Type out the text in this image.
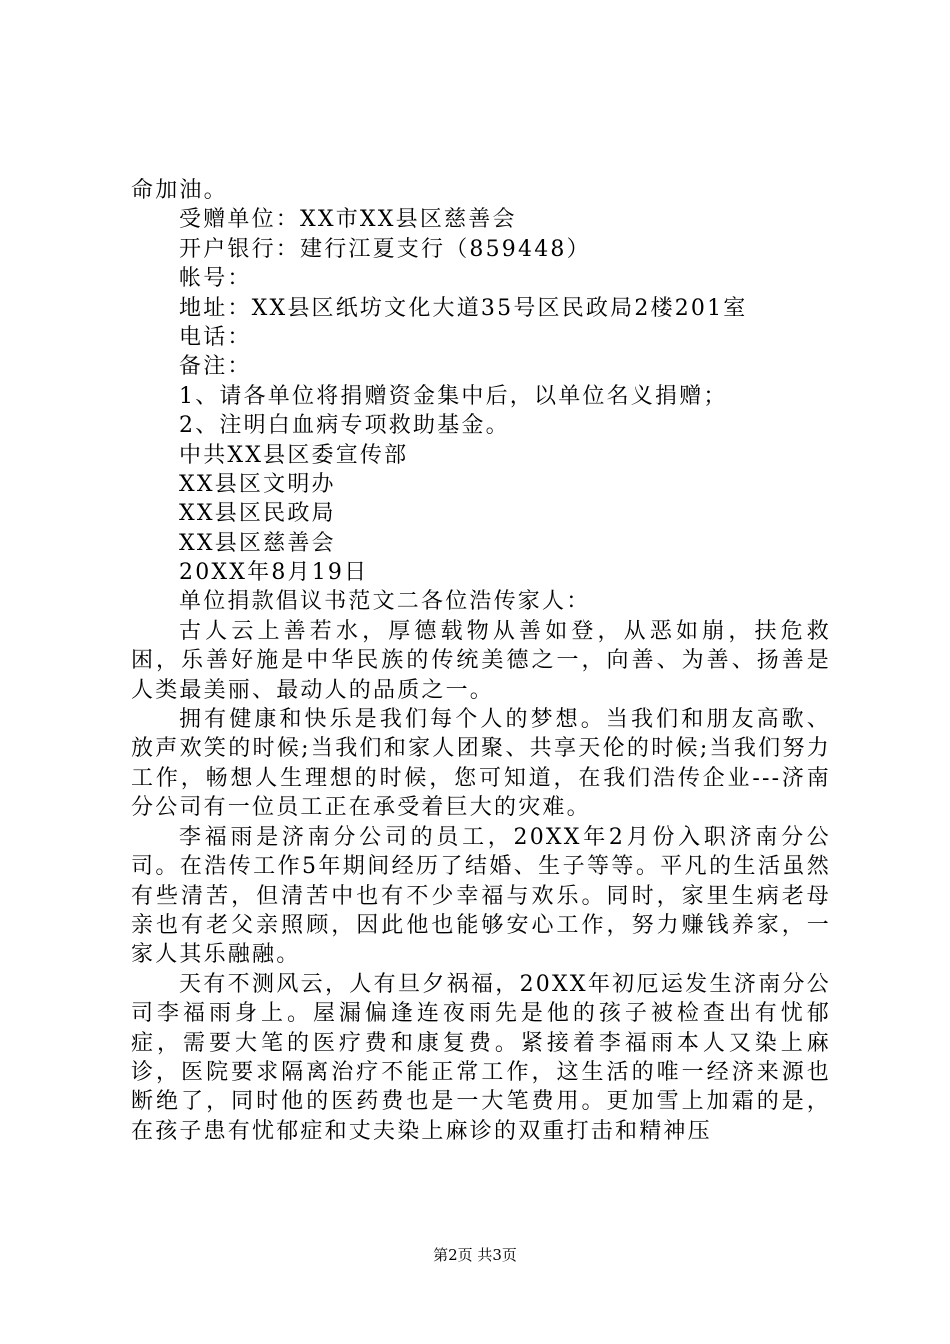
命加油。
受赠单位：XX市XX县区慈善会
开户银行：建行江夏支行（859448）
帐号：
地址：XX县区纸坊文化大道35号区民政局2楼201室
电话：
备注：
1、请各单位将捐赠资金集中后，以单位名义捐赠；
2、注明白血病专项救助基金。
中共XX县区委宣传部
XX县区文明办
XX县区民政局
XX县区慈善会
20XX年8月19日
单位捐款倡议书范文二各位浩传家人：
古人云上善若水，厚德载物从善如登，从恶如崩，扶危救困，乐善好施是中华民族的传统美德之一，向善、为善、扬善是人类最美丽、最动人的品质之一。
拥有健康和快乐是我们每个人的梦想。当我们和朋友高歌、放声欢笑的时候;当我们和家人团聚、共享天伦的时候;当我们努力工作，畅想人生理想的时候，您可知道，在我们浩传企业---济南分公司有一位员工正在承受着巨大的灾难。
李福雨是济南分公司的员工，20XX年2月份入职济南分公司。在浩传工作5年期间经历了结婚、生子等等。平凡的生活虽然有些清苦，但清苦中也有不少幸福与欢乐。同时，家里生病老母亲也有老父亲照顾，因此他也能够安心工作，努力赚钱养家，一家人其乐融融。
天有不测风云，人有旦夕祸福，20XX年初厄运发生济南分公司李福雨身上。屋漏偏逢连夜雨先是他的孩子被检查出有忧郁症，需要大笔的医疗费和康复费。紧接着李福雨本人又染上麻诊，医院要求隔离治疗不能正常工作，这生活的唯一经济来源也断绝了，同时他的医药费也是一大笔费用。更加雪上加霜的是，在孩子患有忧郁症和丈夫染上麻诊的双重打击和精神压
第2页 共3页
